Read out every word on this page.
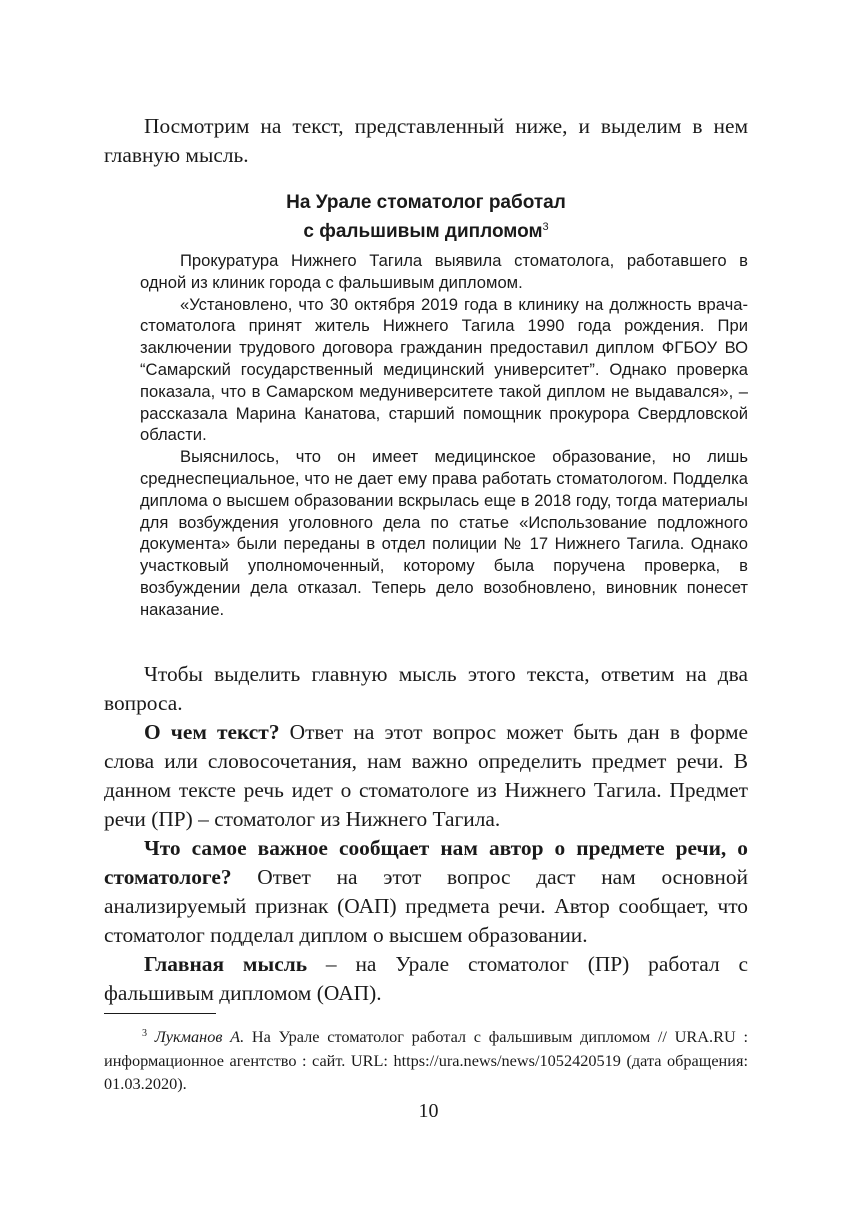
Посмотрим на текст, представленный ниже, и выделим в нем главную мысль.

На Урале стоматолог работал
с фальшивым дипломом$^3$

Прокуратура Нижнего Тагила выявила стоматолога, работавшего в одной из клиник города с фальшивым дипломом.

«Установлено, что 30 октября 2019 года в клинику на должность врача-стоматолога принят житель Нижнего Тагила 1990 года рождения. При заключении трудового договора гражданин предоставил диплом ФГБОУ ВО “Самарский государственный медицинский университет”. Однако проверка показала, что в Самарском медуниверситете такой диплом не выдавался», – рассказала Марина Канатова, старший помощник прокурора Свердловской области.

Выяснилось, что он имеет медицинское образование, но лишь среднеспециальное, что не дает ему права работать стоматологом. Подделка диплома о высшем образовании вскрылась еще в 2018 году, тогда материалы для возбуждения уголовного дела по статье «Использование подложного документа» были переданы в отдел полиции № 17 Нижнего Тагила. Однако участковый уполномоченный, которому была поручена проверка, в возбуждении дела отказал. Теперь дело возобновлено, виновник понесет наказание.

Чтобы выделить главную мысль этого текста, ответим на два вопроса.

О чем текст? Ответ на этот вопрос может быть дан в форме слова или словосочетания, нам важно определить предмет речи. В данном тексте речь идет о стоматологе из Нижнего Тагила. Предмет речи (ПР) – стоматолог из Нижнего Тагила.

Что самое важное сообщает нам автор о предмете речи, о стоматологе? Ответ на этот вопрос даст нам основной анализируемый признак (ОАП) предмета речи. Автор сообщает, что стоматолог подделал диплом о высшем образовании.

Главная мысль – на Урале стоматолог (ПР) работал с фальшивым дипломом (ОАП).

$^3$ Лукманов А. На Урале стоматолог работал с фальшивым дипломом // URA.RU : информационное агентство : сайт. URL: https://ura.news/news/1052420519 (дата обращения: 01.03.2020).

10
